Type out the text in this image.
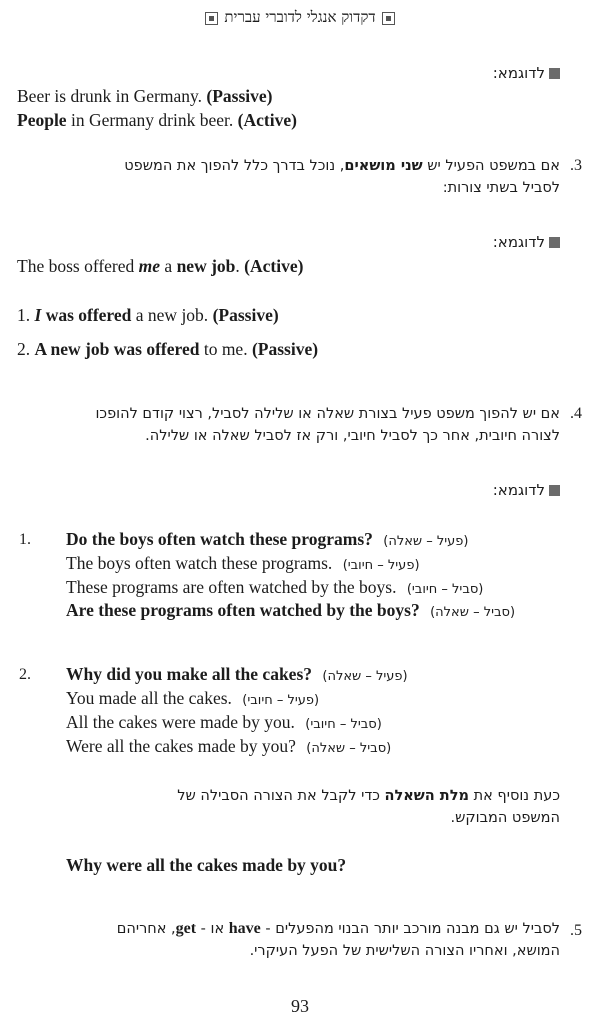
דקדוק אנגלי לדוברי עברית
לדוגמא:
Beer is drunk in Germany. (Passive)
People in Germany drink beer. (Active)
.3
אם במשפט הפעיל יש שני מושאים, נוכל בדרך כלל להפוך את המשפט
לסביל בשתי צורות:
לדוגמא:
The boss offered me a new job. (Active)
1. I was offered a new job. (Passive)
2. A new job was offered to me. (Passive)
.4
אם יש להפוך משפט פעיל בצורת שאלה או שלילה לסביל, רצוי קודם להופכו
לצורה חיובית, אחר כך לסביל חיובי, ורק אז לסביל שאלה או שלילה.
לדוגמא:
1. Do the boys often watch these programs? (פעיל – שאלה)
The boys often watch these programs. (פעיל – חיובי)
These programs are often watched by the boys. (סביל – חיובי)
Are these programs often watched by the boys? (סביל – שאלה)
2. Why did you make all the cakes? (פעיל – שאלה)
You made all the cakes. (פעיל – חיובי)
All the cakes were made by you. (סביל – חיובי)
Were all the cakes made by you? (סביל – שאלה)
כעת נוסיף את מלת השאלה כדי לקבל את הצורה הסבילה של
המשפט המבוקש.
Why were all the cakes made by you?
.5
לסביל יש גם מבנה מורכב יותר הבנוי מהפעלים - have או - get, אחריהם
המושא, ואחריו הצורה השלישית של הפעל העיקרי.
93
